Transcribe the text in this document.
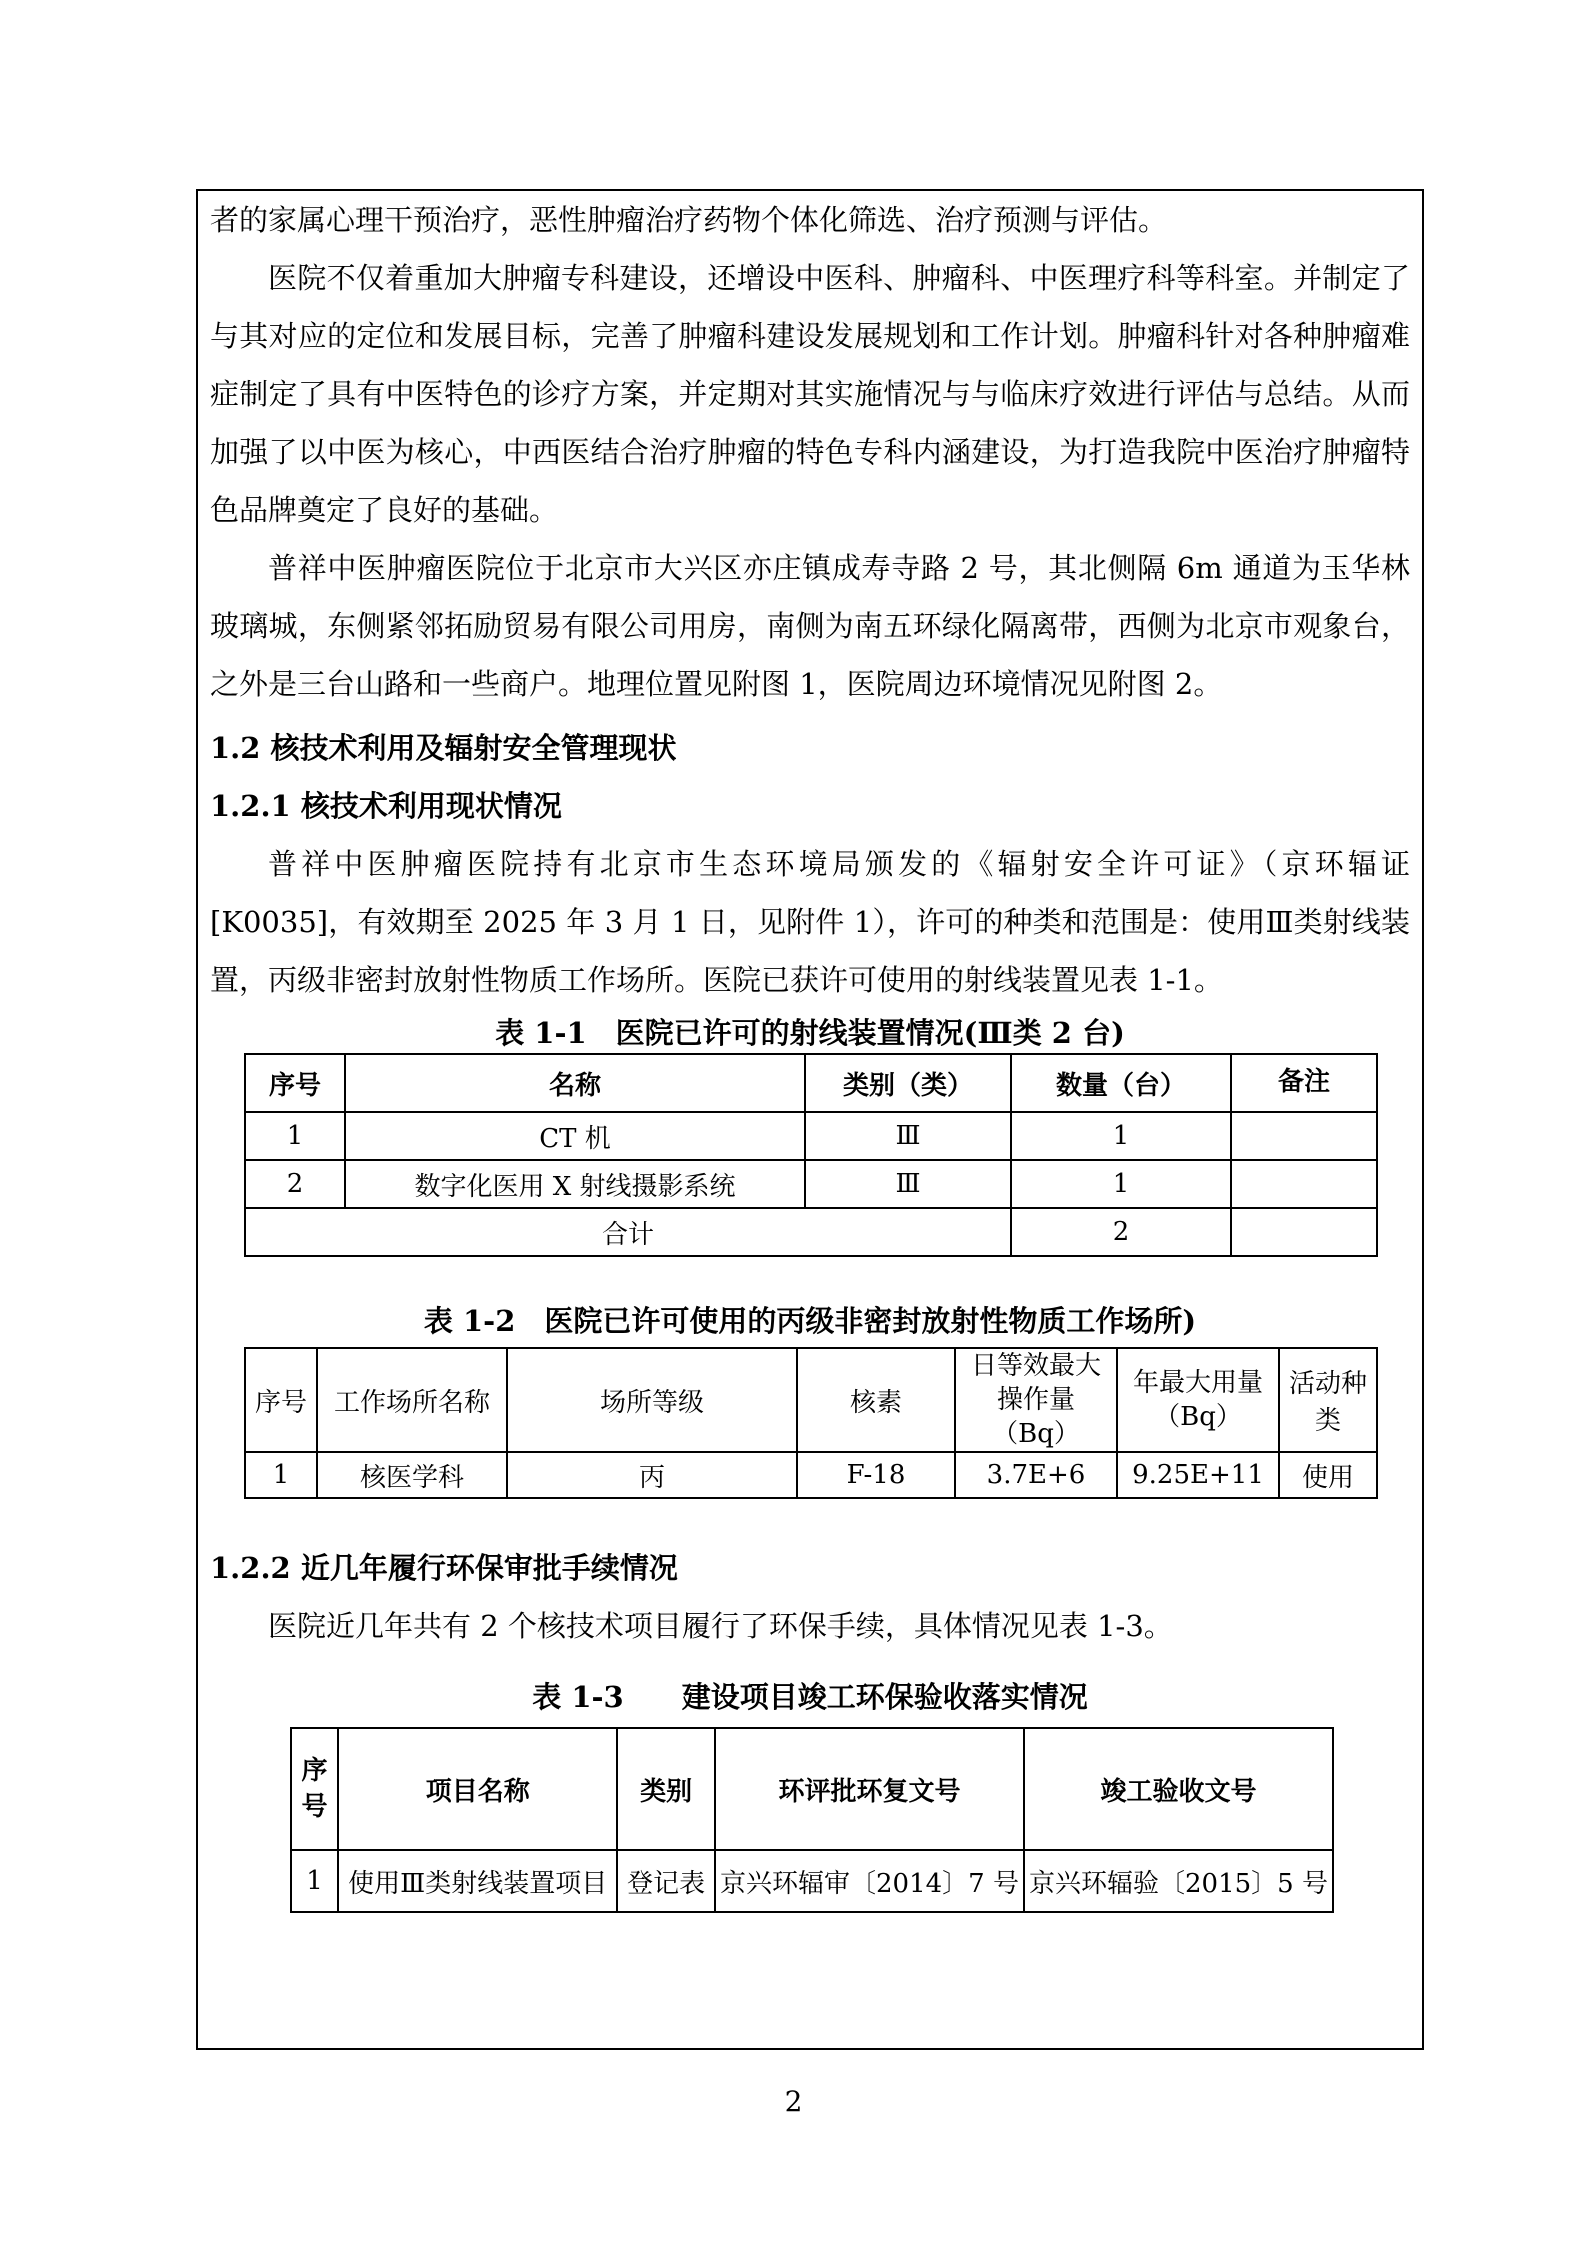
者的家属心理干预治疗，恶性肿瘤治疗药物个体化筛选、治疗预测与评估。

医院不仅着重加大肿瘤专科建设，还增设中医科、肿瘤科、中医理疗科等科室。并制定了与其对应的定位和发展目标，完善了肿瘤科建设发展规划和工作计划。肿瘤科针对各种肿瘤难症制定了具有中医特色的诊疗方案，并定期对其实施情况与与临床疗效进行评估与总结。从而加强了以中医为核心，中西医结合治疗肿瘤的特色专科内涵建设，为打造我院中医治疗肿瘤特色品牌奠定了良好的基础。

普祥中医肿瘤医院位于北京市大兴区亦庄镇成寿寺路 2 号，其北侧隔 6m 通道为玉华林玻璃城，东侧紧邻拓励贸易有限公司用房，南侧为南五环绿化隔离带，西侧为北京市观象台，之外是三台山路和一些商户。地理位置见附图 1，医院周边环境情况见附图 2。

1.2 核技术利用及辐射安全管理现状

1.2.1 核技术利用现状情况

普祥中医肿瘤医院持有北京市生态环境局颁发的《辐射安全许可证》（京环辐证[K0035]，有效期至 2025 年 3 月 1 日，见附件 1），许可的种类和范围是：使用Ⅲ类射线装置，丙级非密封放射性物质工作场所。医院已获许可使用的射线装置见表 1-1。

表 1-1　医院已许可的射线装置情况(Ⅲ类 2 台)

序号	名称	类别（类）	数量（台）	备注
1	CT 机	Ⅲ	1	
2	数字化医用 X 射线摄影系统	Ⅲ	1	
合计			2	

表 1-2　医院已许可使用的丙级非密封放射性物质工作场所)

序号	工作场所名称	场所等级	核素	日等效最大操作量（Bq）	年最大用量（Bq）	活动种类
1	核医学科	丙	F-18	3.7E+6	9.25E+11	使用

1.2.2 近几年履行环保审批手续情况

医院近几年共有 2 个核技术项目履行了环保手续，具体情况见表 1-3。

表 1-3　　建设项目竣工环保验收落实情况

序号	项目名称	类别	环评批环复文号	竣工验收文号
1	使用Ⅲ类射线装置项目	登记表	京兴环辐审〔2014〕7 号	京兴环辐验〔2015〕5 号
2
